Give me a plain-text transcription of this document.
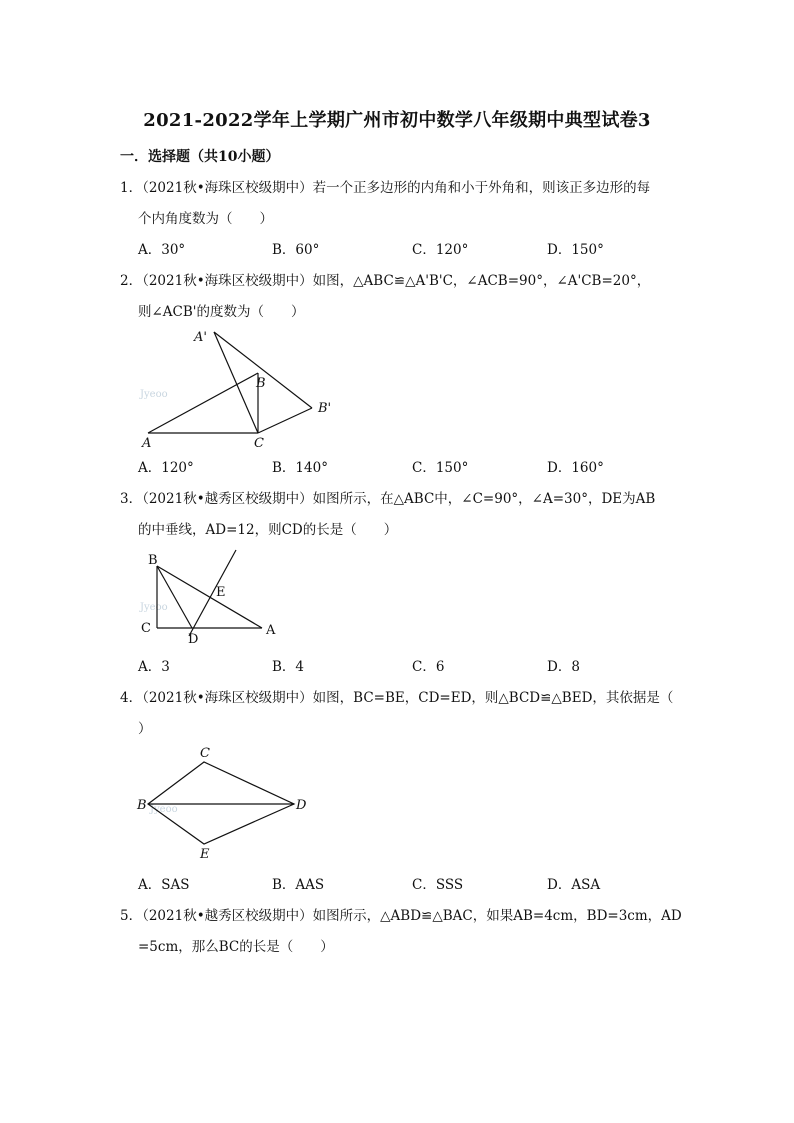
2021-2022学年上学期广州市初中数学八年级期中典型试卷3
一．选择题（共10小题）
1．（2021秋•海珠区校级期中）若一个正多边形的内角和小于外角和，则该正多边形的每
个内角度数为（　　）
A．30°	B．60°	C．120°	D．150°
2．（2021秋•海珠区校级期中）如图，△ABC≌△A'B'C，∠ACB=90°，∠A'CB=20°，
则∠ACB'的度数为（　　）
Jyeoo
A'
B
B'
A	C
A．120°	B．140°	C．150°	D．160°
3．（2021秋•越秀区校级期中）如图所示，在△ABC中，∠C=90°，∠A=30°，DE为AB
的中垂线，AD=12，则CD的长是（　　）
Jyeoo
B
E
C
D
A
A．3	B．4	C．6	D．8
4．（2021秋•海珠区校级期中）如图，BC=BE，CD=ED，则△BCD≌△BED，其依据是（
）
Jyeoo
C
B	D
E
A．SAS	B．AAS	C．SSS	D．ASA
5．（2021秋•越秀区校级期中）如图所示，△ABD≌△BAC，如果AB=4cm，BD=3cm，AD
=5cm，那么BC的长是（　　）
